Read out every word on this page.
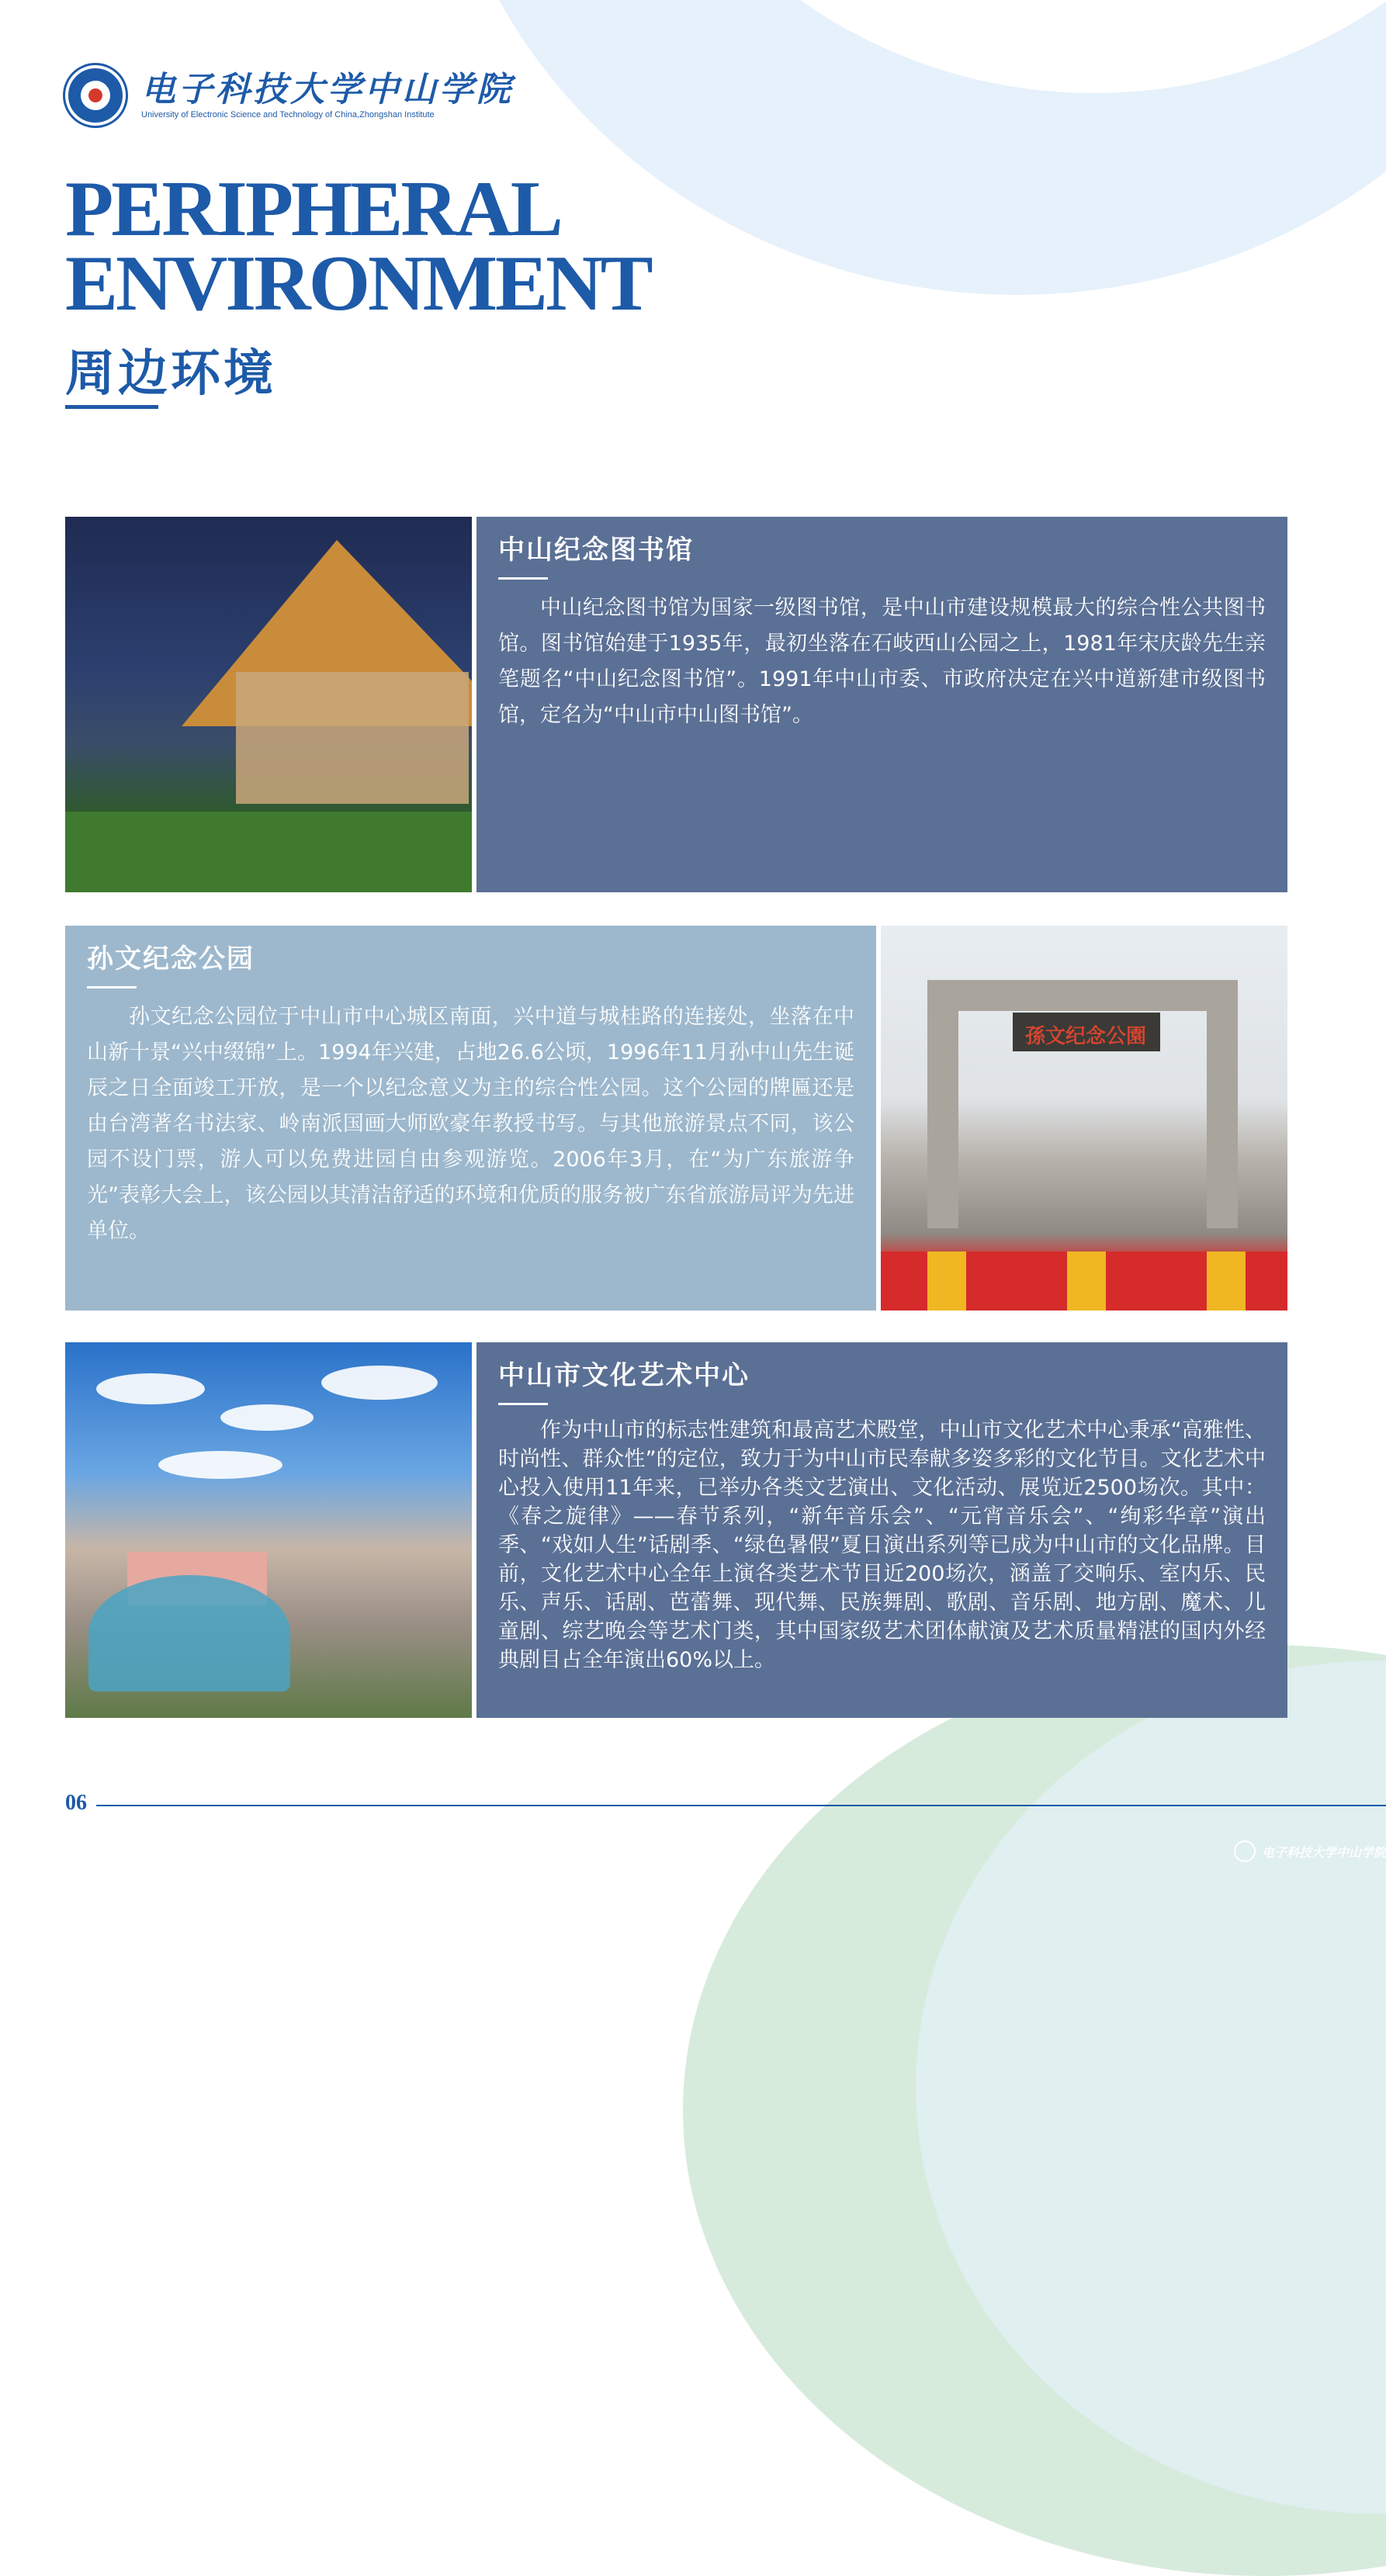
电子科技大学中山学院
University of Electronic Science and Technology of China,Zhongshan Institute
PERIPHERAL
ENVIRONMENT
周边环境
中山纪念图书馆

中山纪念图书馆为国家一级图书馆，是中山市建设规模最大的综合性公共图书馆。图书馆始建于1935年，最初坐落在石岐西山公园之上，1981年宋庆龄先生亲笔题名“中山纪念图书馆”。1991年中山市委、市政府决定在兴中道新建市级图书馆，定名为“中山市中山图书馆”。

孙文纪念公园

孙文纪念公园位于中山市中心城区南面，兴中道与城桂路的连接处，坐落在中山新十景“兴中缀锦”上。1994年兴建，占地26.6公顷，1996年11月孙中山先生诞辰之日全面竣工开放，是一个以纪念意义为主的综合性公园。这个公园的牌匾还是由台湾著名书法家、岭南派国画大师欧豪年教授书写。与其他旅游景点不同，该公园不设门票，游人可以免费进园自由参观游览。2006年3月，在“为广东旅游争光”表彰大会上，该公园以其清洁舒适的环境和优质的服务被广东省旅游局评为先进单位。

孫文纪念公園
中山市文化艺术中心

作为中山市的标志性建筑和最高艺术殿堂，中山市文化艺术中心秉承“高雅性、时尚性、群众性”的定位，致力于为中山市民奉献多姿多彩的文化节目。文化艺术中心投入使用11年来，已举办各类文艺演出、文化活动、展览近2500场次。其中：《春之旋律》——春节系列，“新年音乐会”、“元宵音乐会”、“绚彩华章”演出季、“戏如人生”话剧季、“绿色暑假”夏日演出系列等已成为中山市的文化品牌。目前，文化艺术中心全年上演各类艺术节目近200场次，涵盖了交响乐、室内乐、民乐、声乐、话剧、芭蕾舞、现代舞、民族舞剧、歌剧、音乐剧、地方剧、魔术、儿童剧、综艺晚会等艺术门类，其中国家级艺术团体献演及艺术质量精湛的国内外经典剧目占全年演出60%以上。

06
电子科技大学中山学院
